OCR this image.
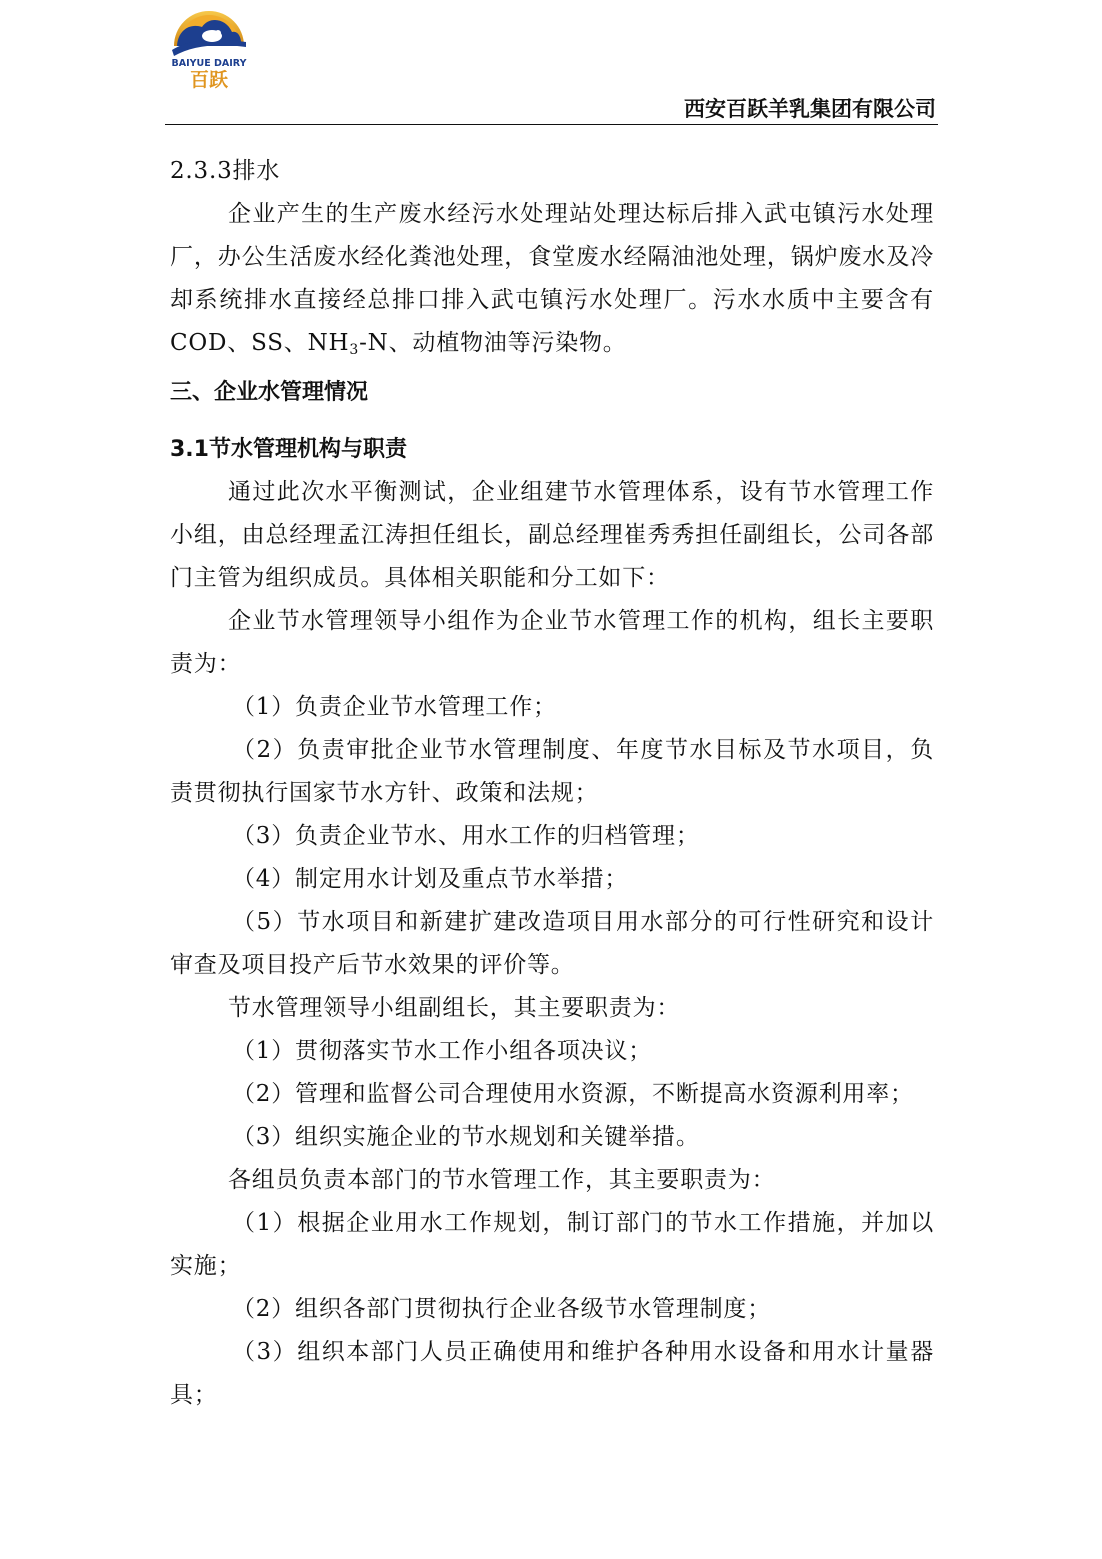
BAIYUE DAIRY
百跃
西安百跃羊乳集团有限公司

2.3.3排水

企业产生的生产废水经污水处理站处理达标后排入武屯镇污水处理厂，办公生活废水经化粪池处理，食堂废水经隔油池处理，锅炉废水及冷却系统排水直接经总排口排入武屯镇污水处理厂。污水水质中主要含有COD、SS、$NH_3-N$、动植物油等污染物。

三、企业水管理情况

3.1节水管理机构与职责

通过此次水平衡测试，企业组建节水管理体系，设有节水管理工作小组，由总经理孟江涛担任组长，副总经理崔秀秀担任副组长，公司各部门主管为组织成员。具体相关职能和分工如下：

企业节水管理领导小组作为企业节水管理工作的机构，组长主要职责为：

（1）负责企业节水管理工作；

（2）负责审批企业节水管理制度、年度节水目标及节水项目，负责贯彻执行国家节水方针、政策和法规；

（3）负责企业节水、用水工作的归档管理；

（4）制定用水计划及重点节水举措；

（5）节水项目和新建扩建改造项目用水部分的可行性研究和设计审查及项目投产后节水效果的评价等。

节水管理领导小组副组长，其主要职责为：

（1）贯彻落实节水工作小组各项决议；

（2）管理和监督公司合理使用水资源，不断提高水资源利用率；

（3）组织实施企业的节水规划和关键举措。

各组员负责本部门的节水管理工作，其主要职责为：

（1）根据企业用水工作规划，制订部门的节水工作措施，并加以实施；

（2）组织各部门贯彻执行企业各级节水管理制度；

（3）组织本部门人员正确使用和维护各种用水设备和用水计量器具；
